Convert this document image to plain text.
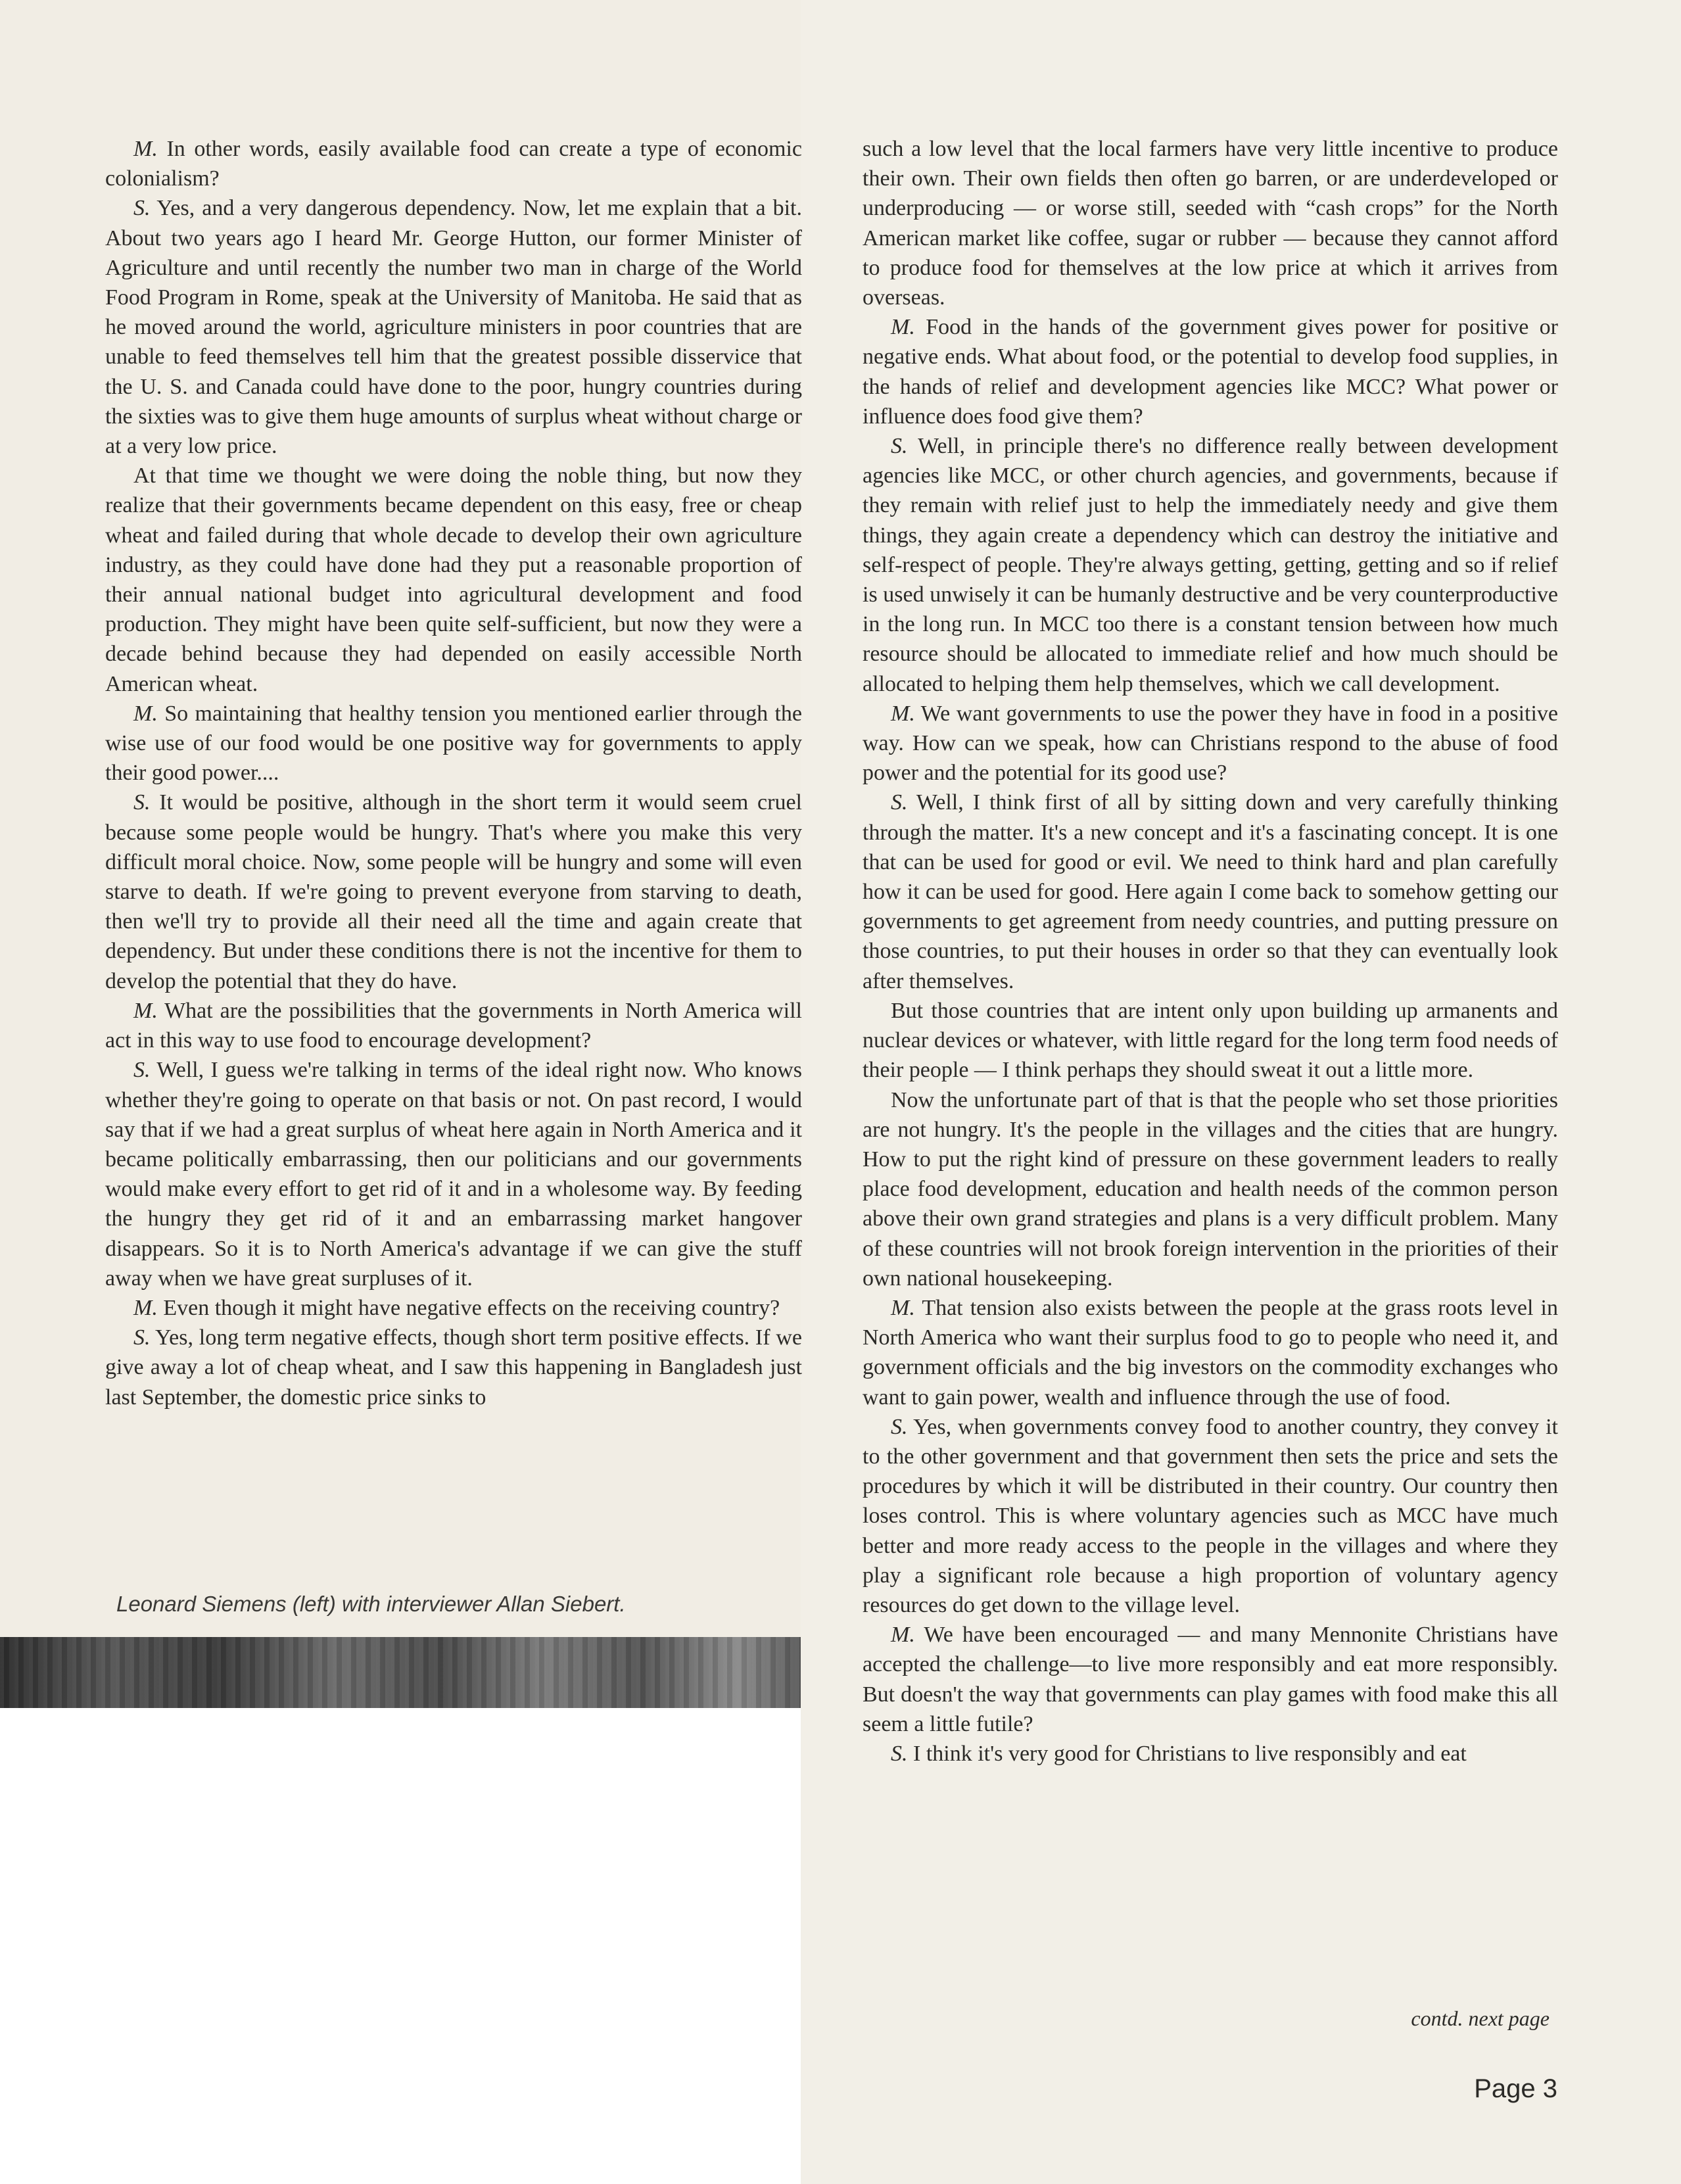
M. In other words, easily available food can create a type of economic colonialism?

S. Yes, and a very dangerous dependency. Now, let me explain that a bit. About two years ago I heard Mr. George Hutton, our former Minister of Agriculture and until recently the number two man in charge of the World Food Program in Rome, speak at the University of Manitoba. He said that as he moved around the world, agriculture ministers in poor countries that are unable to feed themselves tell him that the greatest possible disservice that the U. S. and Canada could have done to the poor, hungry countries during the sixties was to give them huge amounts of surplus wheat without charge or at a very low price.

At that time we thought we were doing the noble thing, but now they realize that their governments became dependent on this easy, free or cheap wheat and failed during that whole decade to develop their own agriculture industry, as they could have done had they put a reasonable proportion of their annual national budget into agricultural development and food production. They might have been quite self-sufficient, but now they were a decade behind because they had depended on easily accessible North American wheat.

M. So maintaining that healthy tension you mentioned earlier through the wise use of our food would be one positive way for governments to apply their good power....

S. It would be positive, although in the short term it would seem cruel because some people would be hungry. That's where you make this very difficult moral choice. Now, some people will be hungry and some will even starve to death. If we're going to prevent everyone from starving to death, then we'll try to provide all their need all the time and again create that dependency. But under these conditions there is not the incentive for them to develop the potential that they do have.

M. What are the possibilities that the governments in North America will act in this way to use food to encourage development?

S. Well, I guess we're talking in terms of the ideal right now. Who knows whether they're going to operate on that basis or not. On past record, I would say that if we had a great surplus of wheat here again in North America and it became politically embarrassing, then our politicians and our governments would make every effort to get rid of it and in a wholesome way. By feeding the hungry they get rid of it and an embarrassing market hangover disappears. So it is to North America's advantage if we can give the stuff away when we have great surpluses of it.

M. Even though it might have negative effects on the receiving country?

S. Yes, long term negative effects, though short term positive effects. If we give away a lot of cheap wheat, and I saw this happening in Bangladesh just last September, the domestic price sinks to

such a low level that the local farmers have very little incentive to produce their own. Their own fields then often go barren, or are underdeveloped or underproducing — or worse still, seeded with “cash crops” for the North American market like coffee, sugar or rubber — because they cannot afford to produce food for themselves at the low price at which it arrives from overseas.

M. Food in the hands of the government gives power for positive or negative ends. What about food, or the potential to develop food supplies, in the hands of relief and development agencies like MCC? What power or influence does food give them?

S. Well, in principle there's no difference really between development agencies like MCC, or other church agencies, and governments, because if they remain with relief just to help the immediately needy and give them things, they again create a dependency which can destroy the initiative and self-respect of people. They're always getting, getting, getting and so if relief is used unwisely it can be humanly destructive and be very counterproductive in the long run. In MCC too there is a constant tension between how much resource should be allocated to immediate relief and how much should be allocated to helping them help themselves, which we call development.

M. We want governments to use the power they have in food in a positive way. How can we speak, how can Christians respond to the abuse of food power and the potential for its good use?

S. Well, I think first of all by sitting down and very carefully thinking through the matter. It's a new concept and it's a fascinating concept. It is one that can be used for good or evil. We need to think hard and plan carefully how it can be used for good. Here again I come back to somehow getting our governments to get agreement from needy countries, and putting pressure on those countries, to put their houses in order so that they can eventually look after themselves.

But those countries that are intent only upon building up armanents and nuclear devices or whatever, with little regard for the long term food needs of their people — I think perhaps they should sweat it out a little more.

Now the unfortunate part of that is that the people who set those priorities are not hungry. It's the people in the villages and the cities that are hungry. How to put the right kind of pressure on these government leaders to really place food development, education and health needs of the common person above their own grand strategies and plans is a very difficult problem. Many of these countries will not brook foreign intervention in the priorities of their own national housekeeping.

M. That tension also exists between the people at the grass roots level in North America who want their surplus food to go to people who need it, and government officials and the big investors on the commodity exchanges who want to gain power, wealth and influence through the use of food.

S. Yes, when governments convey food to another country, they convey it to the other government and that government then sets the price and sets the procedures by which it will be distributed in their country. Our country then loses control. This is where voluntary agencies such as MCC have much better and more ready access to the people in the villages and where they play a significant role because a high proportion of voluntary agency resources do get down to the village level.

M. We have been encouraged — and many Mennonite Christians have accepted the challenge—to live more responsibly and eat more responsibly. But doesn't the way that governments can play games with food make this all seem a little futile?

S. I think it's very good for Christians to live responsibly and eat

Leonard Siemens (left) with interviewer Allan Siebert.
contd. next page
Page 3
